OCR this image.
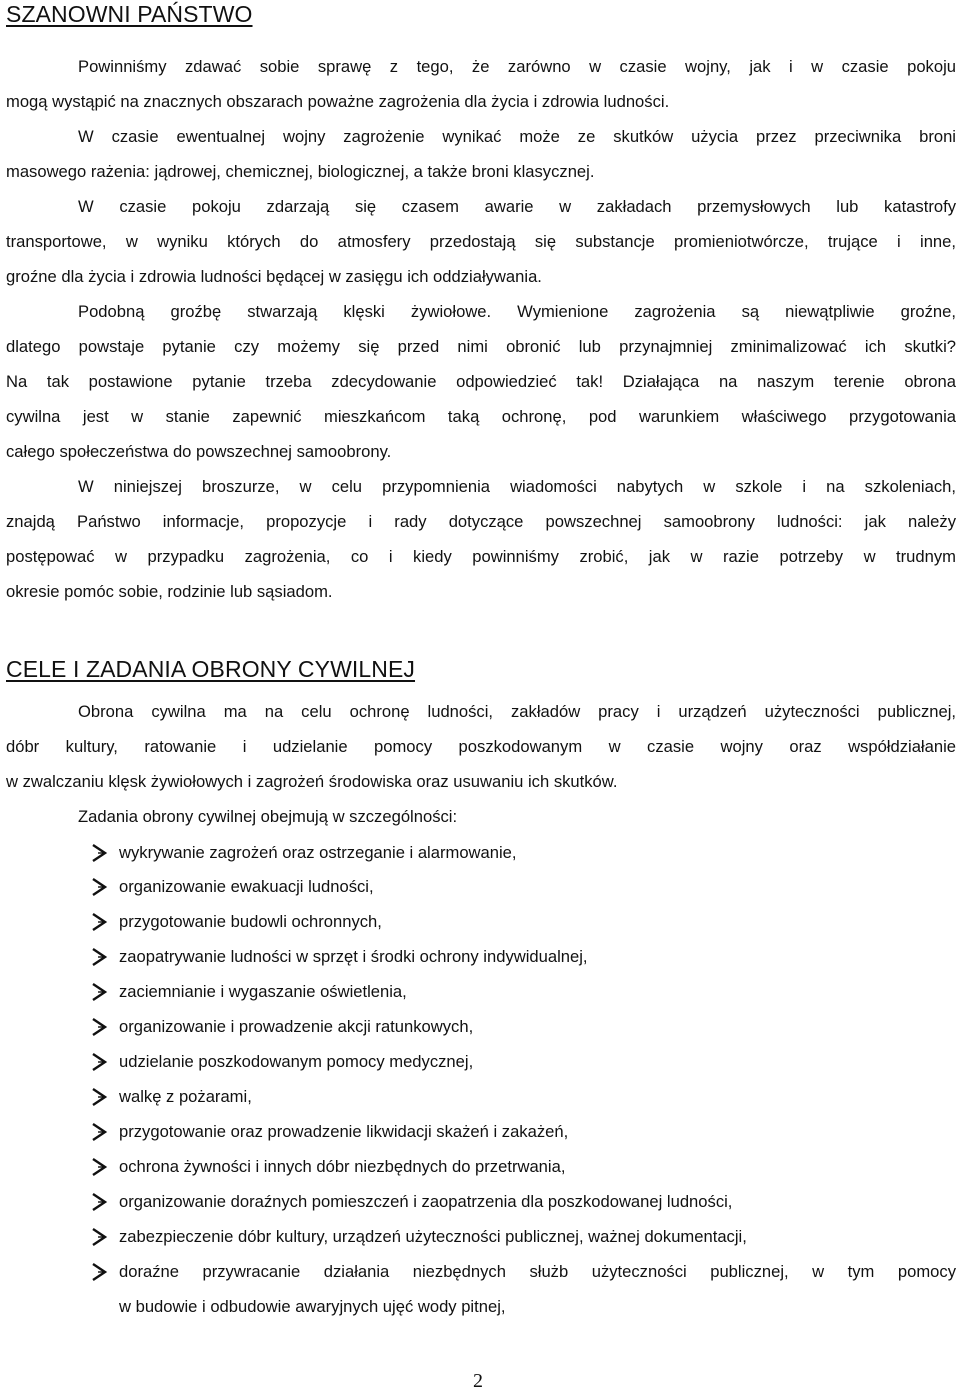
SZANOWNI PAŃSTWO
Powinniśmy zdawać sobie sprawę z tego, że zarówno w czasie wojny, jak i w czasie pokoju
mogą wystąpić na znacznych obszarach poważne zagrożenia dla życia i zdrowia ludności.
W czasie ewentualnej wojny zagrożenie wynikać może ze skutków użycia przez przeciwnika broni
masowego rażenia: jądrowej, chemicznej, biologicznej, a także broni klasycznej.
W czasie pokoju zdarzają się czasem awarie w zakładach przemysłowych lub katastrofy
transportowe, w wyniku których do atmosfery przedostają się substancje promieniotwórcze, trujące i inne,
groźne dla życia i zdrowia ludności będącej w zasięgu ich oddziaływania.
Podobną groźbę stwarzają klęski żywiołowe. Wymienione zagrożenia są niewątpliwie groźne,
dlatego powstaje pytanie czy możemy się przed nimi obronić lub przynajmniej zminimalizować ich skutki?
Na tak postawione pytanie trzeba zdecydowanie odpowiedzieć tak! Działająca na naszym terenie obrona
cywilna jest w stanie zapewnić mieszkańcom taką ochronę, pod warunkiem właściwego przygotowania
całego społeczeństwa do powszechnej samoobrony.
W niniejszej broszurze, w celu przypomnienia wiadomości nabytych w szkole i na szkoleniach,
znajdą Państwo informacje, propozycje i rady dotyczące powszechnej samoobrony ludności: jak należy
postępować w przypadku zagrożenia, co i kiedy powinniśmy zrobić, jak w razie potrzeby w trudnym
okresie pomóc sobie, rodzinie lub sąsiadom.
CELE I ZADANIA OBRONY CYWILNEJ
Obrona cywilna ma na celu ochronę ludności, zakładów pracy i urządzeń użyteczności publicznej,
dóbr kultury, ratowanie i udzielanie pomocy poszkodowanym w czasie wojny oraz współdziałanie
w zwalczaniu klęsk żywiołowych i zagrożeń środowiska oraz usuwaniu ich skutków.
Zadania obrony cywilnej obejmują w szczególności:
wykrywanie zagrożeń oraz ostrzeganie i alarmowanie,
organizowanie ewakuacji ludności,
przygotowanie budowli ochronnych,
zaopatrywanie ludności w sprzęt i środki ochrony indywidualnej,
zaciemnianie i wygaszanie oświetlenia,
organizowanie i prowadzenie akcji ratunkowych,
udzielanie poszkodowanym pomocy medycznej,
walkę z pożarami,
przygotowanie oraz prowadzenie likwidacji skażeń i zakażeń,
ochrona żywności i innych dóbr niezbędnych do przetrwania,
organizowanie doraźnych pomieszczeń i zaopatrzenia dla poszkodowanej ludności,
zabezpieczenie dóbr kultury, urządzeń użyteczności publicznej, ważnej dokumentacji,
doraźne przywracanie działania niezbędnych służb użyteczności publicznej, w tym pomocy
w budowie i odbudowie awaryjnych ujęć wody pitnej,
2
